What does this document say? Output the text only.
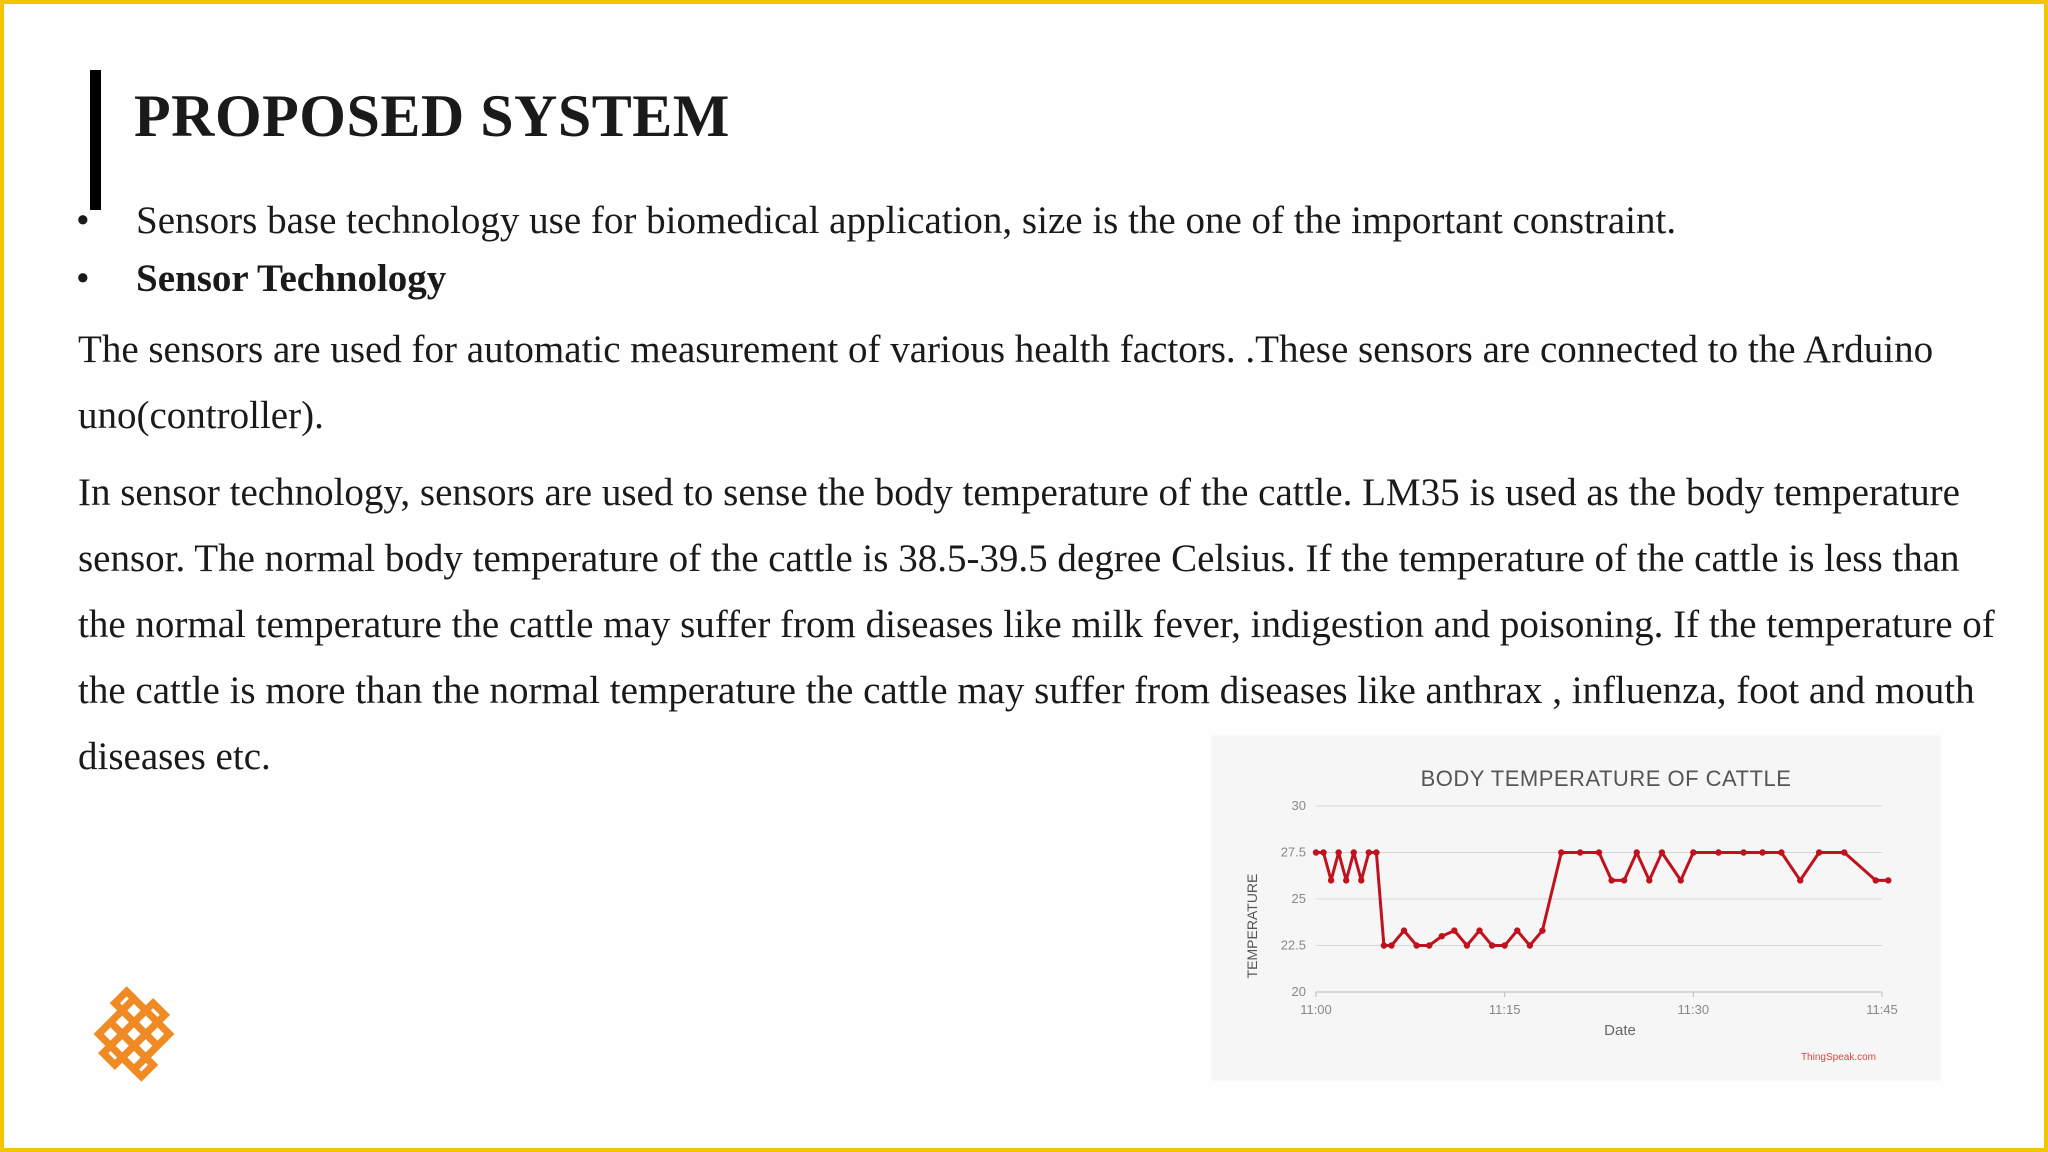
PROPOSED SYSTEM
•	Sensors base technology use for biomedical application, size is the one of the important constraint.
•	Sensor Technology

The sensors are used for automatic measurement of various health factors. .These sensors are connected to the Arduino uno(controller).

In sensor technology, sensors are used to sense the body temperature of the cattle. LM35 is used as the body temperature sensor. The normal body temperature of the cattle is 38.5-39.5 degree Celsius. If the temperature of the cattle is less than the normal temperature the cattle may suffer from diseases like milk fever, indigestion and poisoning. If the temperature of the cattle is more than the normal temperature the cattle may suffer from diseases like anthrax , influenza, foot and mouth diseases etc.

20
22.5
25
27.5
30
11:00	11:15	11:30	11:45
BODY TEMPERATURE OF CATTLE
TEMPERATURE
Date
ThingSpeak.com
